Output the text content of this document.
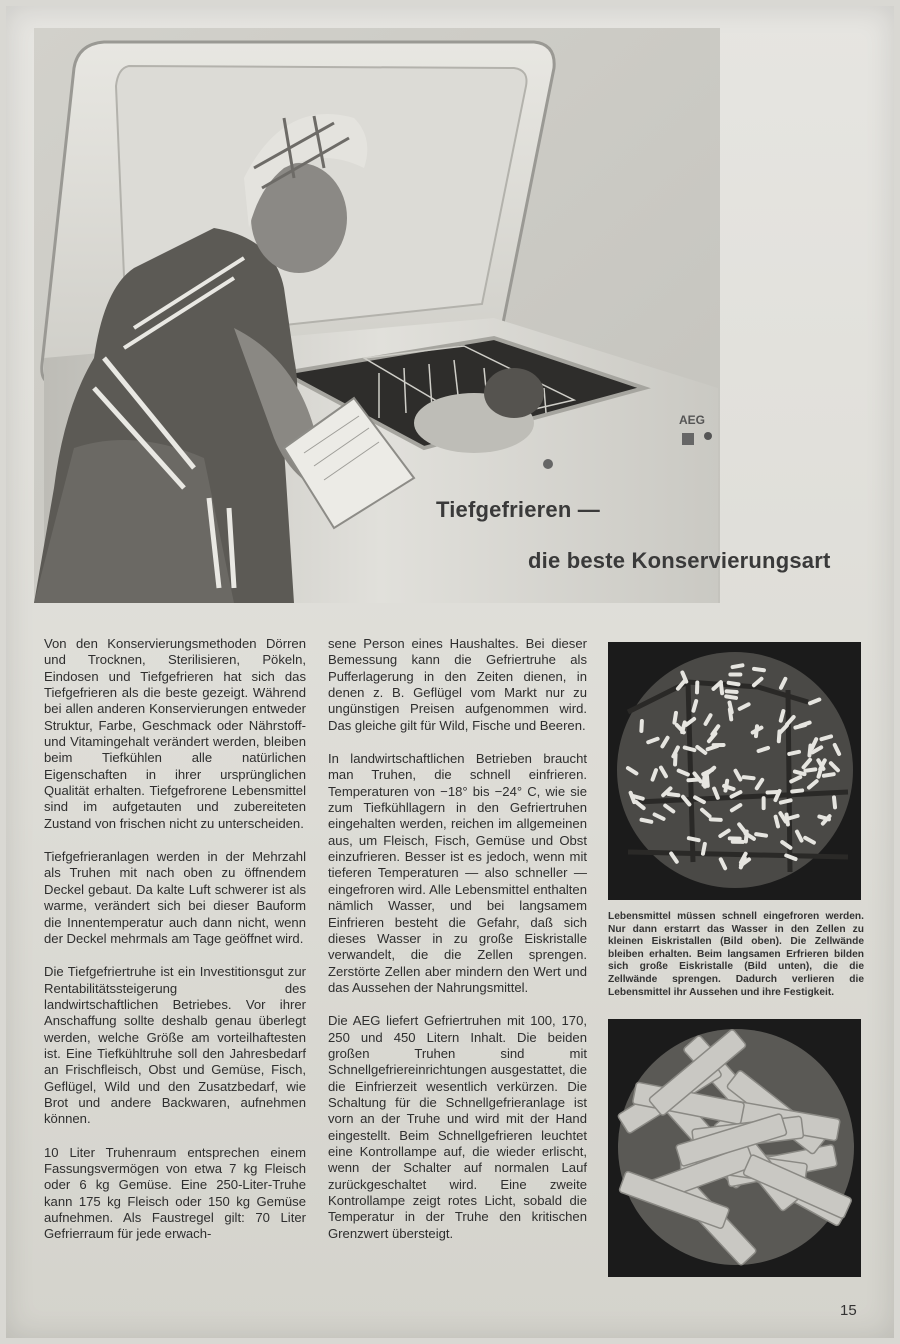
AEG
Tiefgefrieren —
die beste Konservierungsart

Von den Konservierungsmethoden Dörren und Trocknen, Sterilisieren, Pökeln, Eindosen und Tiefgefrieren hat sich das Tiefgefrieren als die beste gezeigt. Während bei allen anderen Konservierungen entweder Struktur, Farbe, Geschmack oder Nährstoff- und Vitamingehalt verändert werden, bleiben beim Tiefkühlen alle natürlichen Eigenschaften in ihrer ursprünglichen Qualität erhalten. Tiefgefrorene Lebensmittel sind im aufgetauten und zubereiteten Zustand von frischen nicht zu unterscheiden.

Tiefgefrieranlagen werden in der Mehrzahl als Truhen mit nach oben zu öffnendem Deckel gebaut. Da kalte Luft schwerer ist als warme, verändert sich bei dieser Bauform die Innentemperatur auch dann nicht, wenn der Deckel mehrmals am Tage geöffnet wird.

Die Tiefgefriertruhe ist ein Investitionsgut zur Rentabilitätssteigerung des landwirtschaftlichen Betriebes. Vor ihrer Anschaffung sollte deshalb genau überlegt werden, welche Größe am vorteilhaftesten ist. Eine Tiefkühltruhe soll den Jahresbedarf an Frischfleisch, Obst und Gemüse, Fisch, Geflügel, Wild und den Zusatzbedarf, wie Brot und andere Backwaren, aufnehmen können.

10 Liter Truhenraum entsprechen einem Fassungsvermögen von etwa 7 kg Fleisch oder 6 kg Gemüse. Eine 250-Liter-Truhe kann 175 kg Fleisch oder 150 kg Gemüse aufnehmen. Als Faustregel gilt: 70 Liter Gefrierraum für jede erwach-

sene Person eines Haushaltes. Bei dieser Bemessung kann die Gefriertruhe als Pufferlagerung in den Zeiten dienen, in denen z. B. Geflügel vom Markt nur zu ungünstigen Preisen aufgenommen wird. Das gleiche gilt für Wild, Fische und Beeren.

In landwirtschaftlichen Betrieben braucht man Truhen, die schnell einfrieren. Temperaturen von −18° bis −24° C, wie sie zum Tiefkühllagern in den Gefriertruhen eingehalten werden, reichen im allgemeinen aus, um Fleisch, Fisch, Gemüse und Obst einzufrieren. Besser ist es jedoch, wenn mit tieferen Temperaturen — also schneller — eingefroren wird. Alle Lebensmittel enthalten nämlich Wasser, und bei langsamem Einfrieren besteht die Gefahr, daß sich dieses Wasser in zu große Eiskristalle verwandelt, die die Zellen sprengen. Zerstörte Zellen aber mindern den Wert und das Aussehen der Nahrungsmittel.

Die AEG liefert Gefriertruhen mit 100, 170, 250 und 450 Litern Inhalt. Die beiden großen Truhen sind mit Schnellgefriereinrichtungen ausgestattet, die die Einfrierzeit wesentlich verkürzen. Die Schaltung für die Schnellgefrieranlage ist vorn an der Truhe und wird mit der Hand eingestellt. Beim Schnellgefrieren leuchtet eine Kontrollampe auf, die wieder erlischt, wenn der Schalter auf normalen Lauf zurückgeschaltet wird. Eine zweite Kontrollampe zeigt rotes Licht, sobald die Temperatur in der Truhe den kritischen Grenzwert übersteigt.

Lebensmittel müssen schnell eingefroren werden. Nur dann erstarrt das Wasser in den Zellen zu kleinen Eiskristallen (Bild oben). Die Zellwände bleiben erhalten. Beim langsamen Erfrieren bilden sich große Eiskristalle (Bild unten), die die Zellwände sprengen. Dadurch verlieren die Lebensmittel ihr Aussehen und ihre Festigkeit.
15
